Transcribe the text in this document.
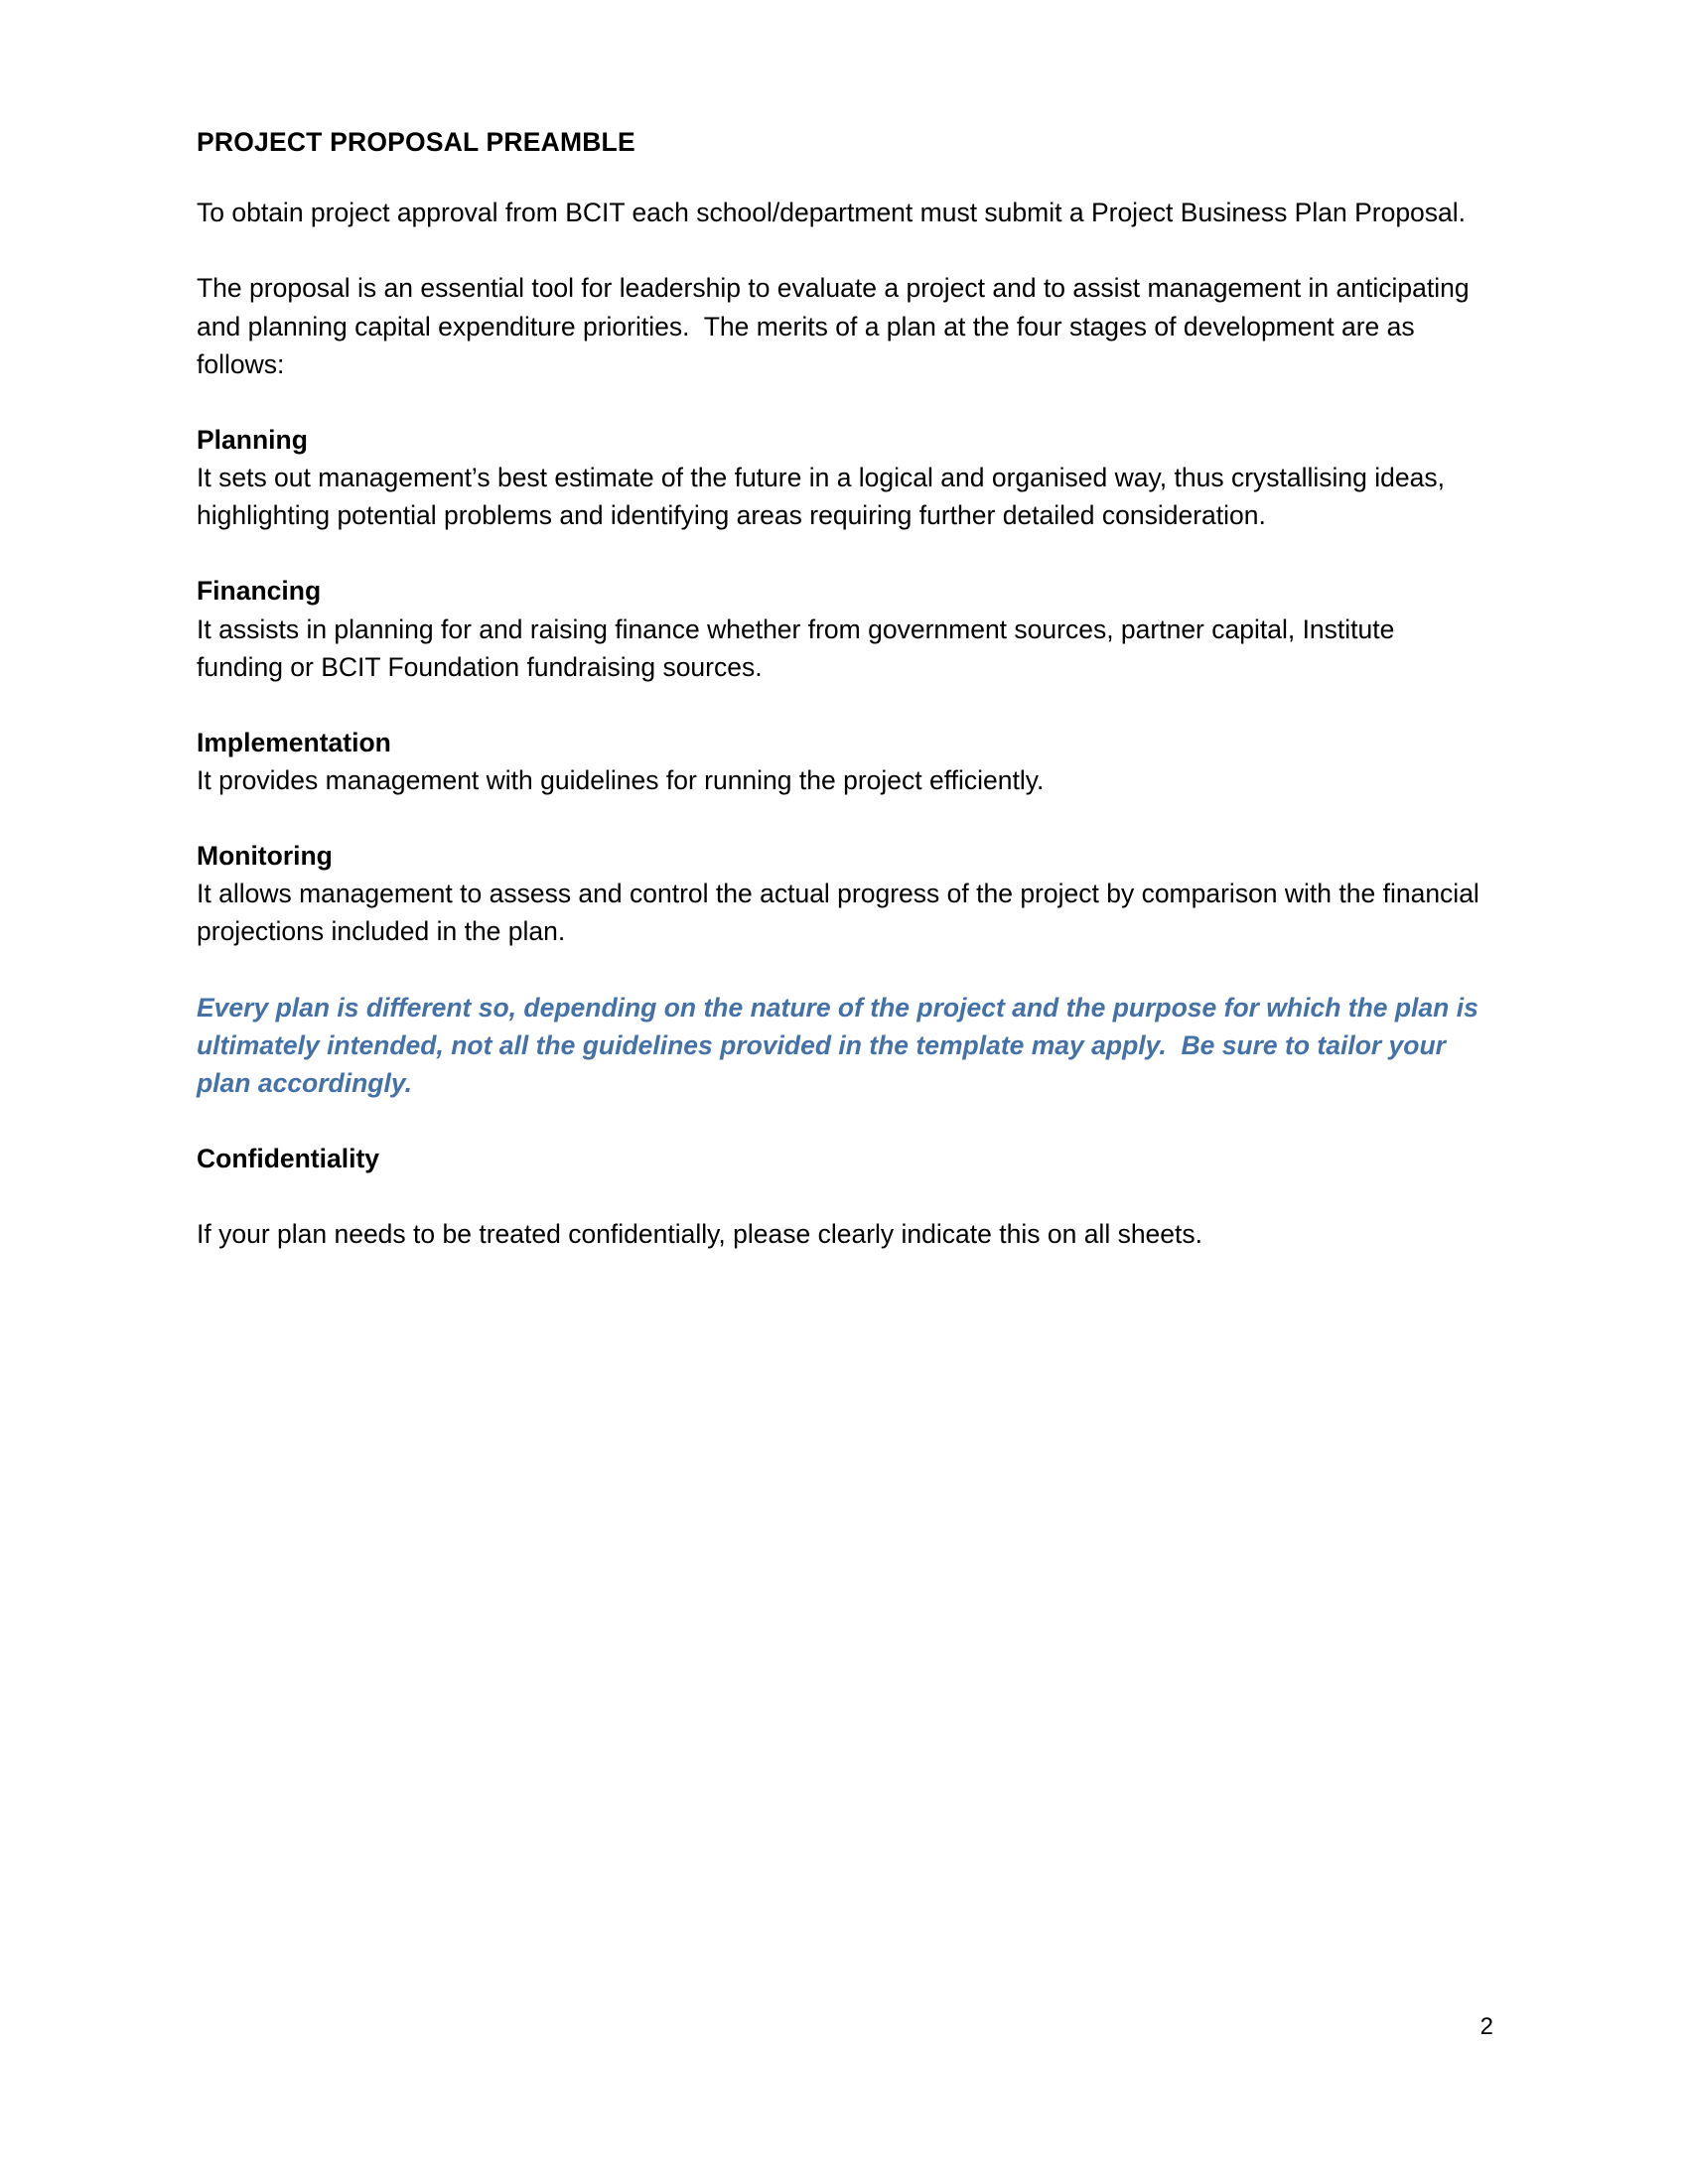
PROJECT PROPOSAL PREAMBLE

To obtain project approval from BCIT each school/department must submit a Project Business Plan Proposal.

The proposal is an essential tool for leadership to evaluate a project and to assist management in anticipating and planning capital expenditure priorities.  The merits of a plan at the four stages of development are as follows:

Planning

It sets out management’s best estimate of the future in a logical and organised way, thus crystallising ideas, highlighting potential problems and identifying areas requiring further detailed consideration.

Financing

It assists in planning for and raising finance whether from government sources, partner capital, Institute funding or BCIT Foundation fundraising sources.

Implementation

It provides management with guidelines for running the project efficiently.

Monitoring

It allows management to assess and control the actual progress of the project by comparison with the financial projections included in the plan.

Every plan is different so, depending on the nature of the project and the purpose for which the plan is ultimately intended, not all the guidelines provided in the template may apply.  Be sure to tailor your plan accordingly.

Confidentiality

If your plan needs to be treated confidentially, please clearly indicate this on all sheets.

2
